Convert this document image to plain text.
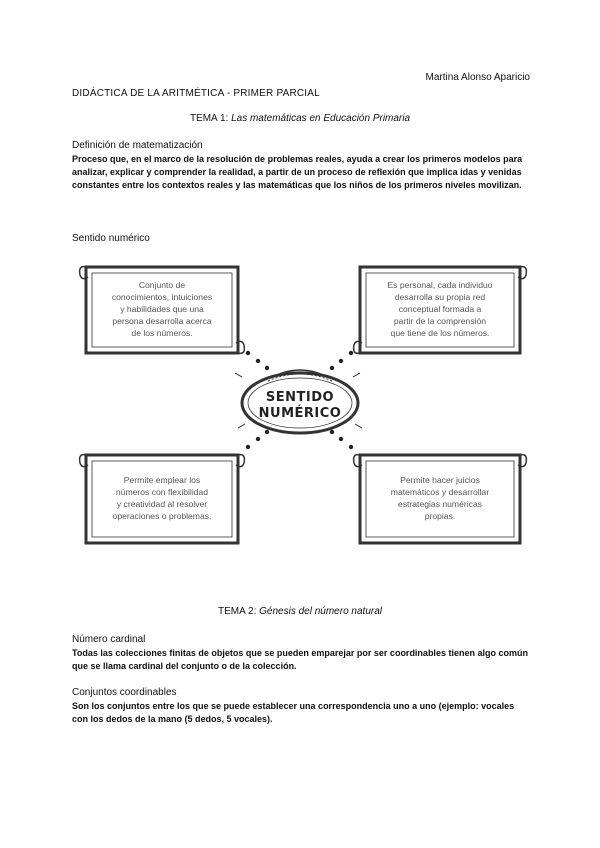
Martina Alonso Aparicio
DIDÁCTICA DE LA ARITMÉTICA - PRIMER PARCIAL
TEMA 1: Las matemáticas en Educación Primaria
Definición de matematización
Proceso que, en el marco de la resolución de problemas reales, ayuda a crear los primeros modelos para analizar, explicar y comprender la realidad, a partir de un proceso de reflexión que implica idas y venidas constantes entre los contextos reales y las matemáticas que los niños de los primeros niveles movilizan.
Sentido numérico
Conjunto de
conocimientos, intuiciones
y habilidades que una
persona desarrolla acerca
de los números.
Es personal, cada individuo
desarrolla su propia red
conceptual formada a
partir de la comprensión
que tiene de los números.
SENTIDO
NUMÉRICO
Permite emplear los
números con flexibilidad
y creatividad al resolver
operaciones o problemas.
Permite hacer juicios
matemáticos y desarrollar
estrategias numéricas
propias.
TEMA 2: Génesis del número natural
Número cardinal
Todas las colecciones finitas de objetos que se pueden emparejar por ser coordinables tienen algo común que se llama cardinal del conjunto o de la colección.
Conjuntos coordinables
Son los conjuntos entre los que se puede establecer una correspondencia uno a uno (ejemplo: vocales con los dedos de la mano (5 dedos, 5 vocales).
